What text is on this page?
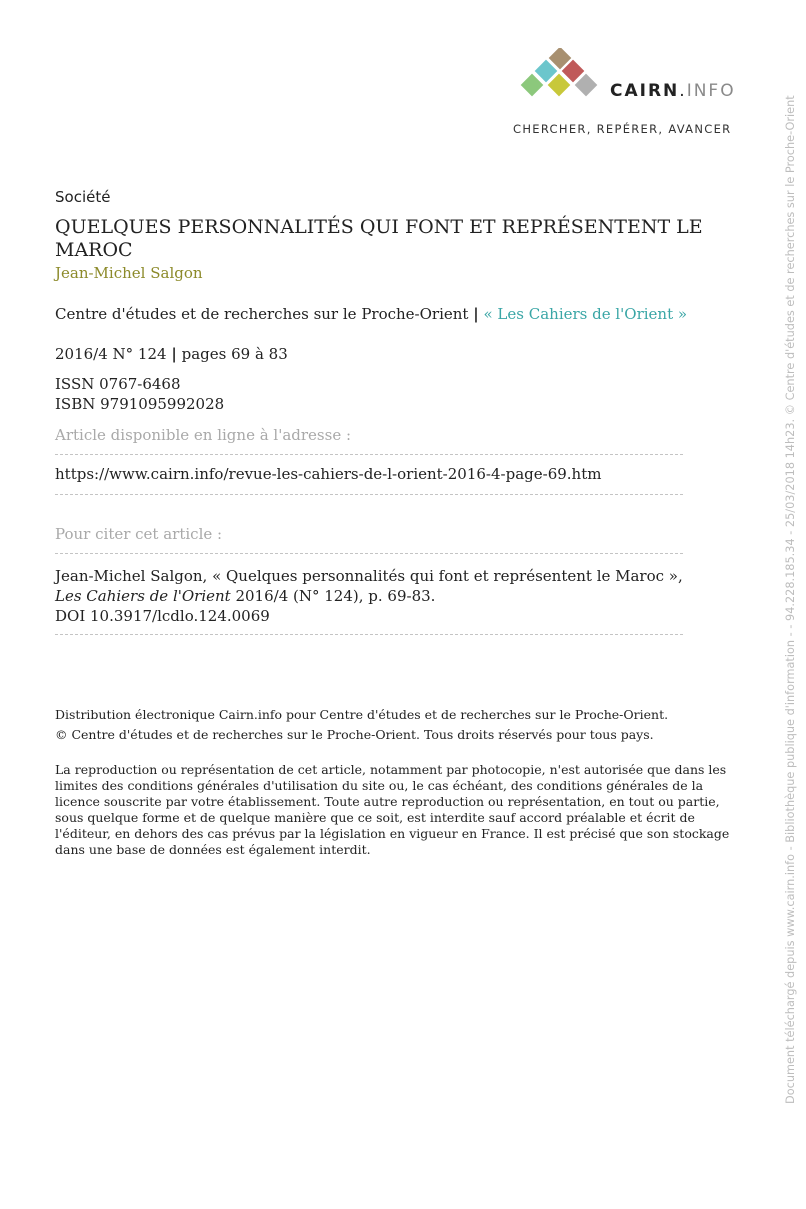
CAIRN.INFO
CHERCHER, REPÉRER, AVANCER
Société
QUELQUES PERSONNALITÉS QUI FONT ET REPRÉSENTENT LE MAROC
Jean-Michel Salgon
Centre d'études et de recherches sur le Proche-Orient | « Les Cahiers de l'Orient »
2016/4 N° 124 | pages 69 à 83
ISSN 0767-6468
ISBN 9791095992028
Article disponible en ligne à l'adresse :
https://www.cairn.info/revue-les-cahiers-de-l-orient-2016-4-page-69.htm
Pour citer cet article :
Jean-Michel Salgon, « Quelques personnalités qui font et représentent le Maroc »,
Les Cahiers de l'Orient 2016/4 (N° 124), p. 69-83.
DOI 10.3917/lcdlo.124.0069
Distribution électronique Cairn.info pour Centre d'études et de recherches sur le Proche-Orient.
© Centre d'études et de recherches sur le Proche-Orient. Tous droits réservés pour tous pays.
La reproduction ou représentation de cet article, notamment par photocopie, n'est autorisée que dans les
limites des conditions générales d'utilisation du site ou, le cas échéant, des conditions générales de la
licence souscrite par votre établissement. Toute autre reproduction ou représentation, en tout ou partie,
sous quelque forme et de quelque manière que ce soit, est interdite sauf accord préalable et écrit de
l'éditeur, en dehors des cas prévus par la législation en vigueur en France. Il est précisé que son stockage
dans une base de données est également interdit.	Document téléchargé depuis www.cairn.info - Bibliothèque publique d'information - - 94.228.185.34 - 25/03/2018 14h23. © Centre d'études et de recherches sur le Proche-Orient
